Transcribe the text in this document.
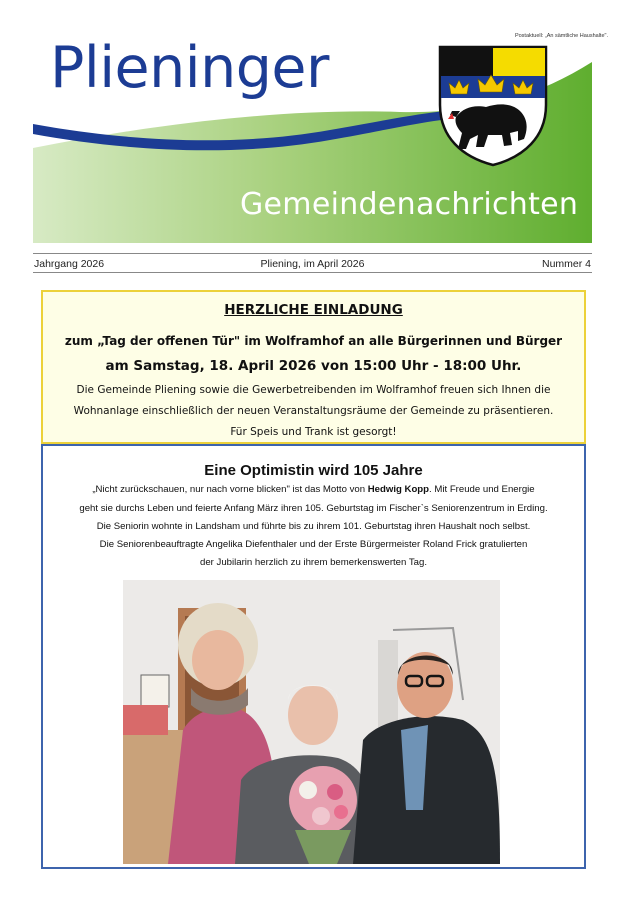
Postaktuell: „An sämtliche Haushalte".
Plieninger
Gemeindenachrichten
Jahrgang 2026	Pliening, im April 2026	Nummer 4
HERZLICHE EINLADUNG
zum „Tag der offenen Tür" im Wolframhof an alle Bürgerinnen und Bürger
am Samstag, 18. April 2026 von 15:00 Uhr - 18:00 Uhr.
Die Gemeinde Pliening sowie die Gewerbetreibenden im Wolframhof freuen sich Ihnen die
Wohnanlage einschließlich der neuen Veranstaltungsräume der Gemeinde zu präsentieren.
Für Speis und Trank ist gesorgt!
Eine Optimistin wird 105 Jahre
„Nicht zurückschauen, nur nach vorne blicken" ist das Motto von Hedwig Kopp. Mit Freude und Energie
geht sie durchs Leben und feierte Anfang März ihren 105. Geburtstag im Fischer`s Seniorenzentrum in Erding.
Die Seniorin wohnte in Landsham und führte bis zu ihrem 101. Geburtstag ihren Haushalt noch selbst.
Die Seniorenbeauftragte Angelika Diefenthaler und der Erste Bürgermeister Roland Frick gratulierten
der Jubilarin herzlich zu ihrem bemerkenswerten Tag.
